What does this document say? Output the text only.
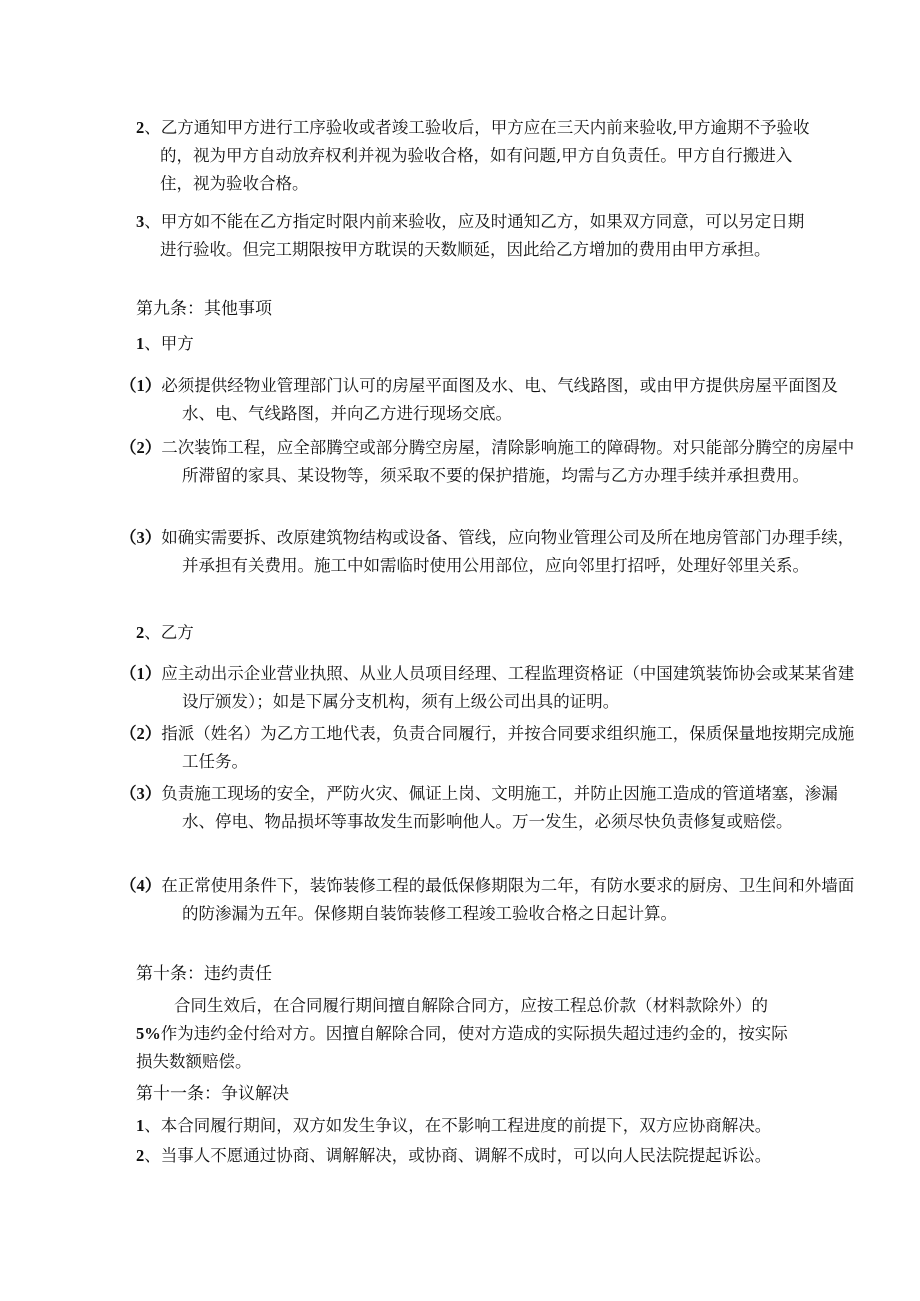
2、乙方通知甲方进行工序验收或者竣工验收后，甲方应在三天内前来验收,甲方逾期不予验收的，视为甲方自动放弃权利并视为验收合格，如有问题,甲方自负责任。甲方自行搬进入住，视为验收合格。
3、甲方如不能在乙方指定时限内前来验收，应及时通知乙方，如果双方同意，可以另定日期进行验收。但完工期限按甲方耽误的天数顺延，因此给乙方增加的费用由甲方承担。
第九条：其他事项
1、甲方
（1）必须提供经物业管理部门认可的房屋平面图及水、电、气线路图，或由甲方提供房屋平面图及水、电、气线路图，并向乙方进行现场交底。
（2）二次装饰工程，应全部腾空或部分腾空房屋，清除影响施工的障碍物。对只能部分腾空的房屋中所滞留的家具、某设物等，须采取不要的保护措施，均需与乙方办理手续并承担费用。
（3）如确实需要拆、改原建筑物结构或设备、管线，应向物业管理公司及所在地房管部门办理手续，并承担有关费用。施工中如需临时使用公用部位，应向邻里打招呼，处理好邻里关系。
2、乙方
（1）应主动出示企业营业执照、从业人员项目经理、工程监理资格证（中国建筑装饰协会或某某省建设厅颁发）；如是下属分支机构，须有上级公司出具的证明。
（2）指派（姓名）为乙方工地代表，负责合同履行，并按合同要求组织施工，保质保量地按期完成施工任务。
（3）负责施工现场的安全，严防火灾、佩证上岗、文明施工，并防止因施工造成的管道堵塞，渗漏水、停电、物品损坏等事故发生而影响他人。万一发生，必须尽快负责修复或赔偿。
（4）在正常使用条件下，装饰装修工程的最低保修期限为二年，有防水要求的厨房、卫生间和外墙面的防渗漏为五年。保修期自装饰装修工程竣工验收合格之日起计算。
第十条：违约责任
合同生效后，在合同履行期间擅自解除合同方，应按工程总价款（材料款除外）的 5%作为违约金付给对方。因擅自解除合同，使对方造成的实际损失超过违约金的，按实际损失数额赔偿。
第十一条：争议解决
1、本合同履行期间，双方如发生争议，在不影响工程进度的前提下，双方应协商解决。
2、当事人不愿通过协商、调解解决，或协商、调解不成时，可以向人民法院提起诉讼。
